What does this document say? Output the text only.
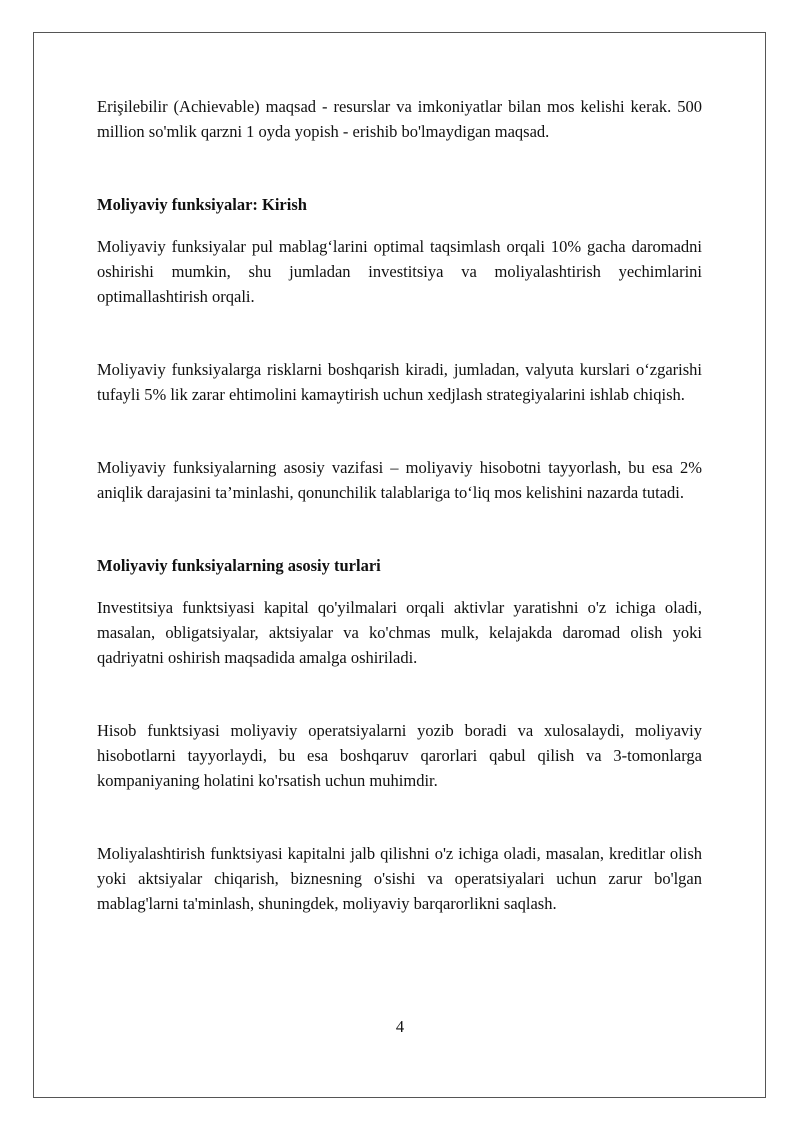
Erişilebilir (Achievable) maqsad - resurslar va imkoniyatlar bilan mos kelishi kerak. 500 million so'mlik qarzni 1 oyda yopish - erishib bo'lmaydigan maqsad.

Moliyaviy funksiyalar: Kirish

Moliyaviy funksiyalar pul mablag‘larini optimal taqsimlash orqali 10% gacha daromadni oshirishi mumkin, shu jumladan investitsiya va moliyalashtirish yechimlarini optimallashtirish orqali.

Moliyaviy funksiyalarga risklarni boshqarish kiradi, jumladan, valyuta kurslari o‘zgarishi tufayli 5% lik zarar ehtimolini kamaytirish uchun xedjlash strategiyalarini ishlab chiqish.

Moliyaviy funksiyalarning asosiy vazifasi – moliyaviy hisobotni tayyorlash, bu esa 2% aniqlik darajasini ta’minlashi, qonunchilik talablariga to‘liq mos kelishini nazarda tutadi.

Moliyaviy funksiyalarning asosiy turlari

Investitsiya funktsiyasi kapital qo'yilmalari orqali aktivlar yaratishni o'z ichiga oladi, masalan, obligatsiyalar, aktsiyalar va ko'chmas mulk, kelajakda daromad olish yoki qadriyatni oshirish maqsadida amalga oshiriladi.

Hisob funktsiyasi moliyaviy operatsiyalarni yozib boradi va xulosalaydi, moliyaviy hisobotlarni tayyorlaydi, bu esa boshqaruv qarorlari qabul qilish va 3-tomonlarga kompaniyaning holatini ko'rsatish uchun muhimdir.

Moliyalashtirish funktsiyasi kapitalni jalb qilishni o'z ichiga oladi, masalan, kreditlar olish yoki aktsiyalar chiqarish, biznesning o'sishi va operatsiyalari uchun zarur bo'lgan mablag'larni ta'minlash, shuningdek, moliyaviy barqarorlikni saqlash.

4
